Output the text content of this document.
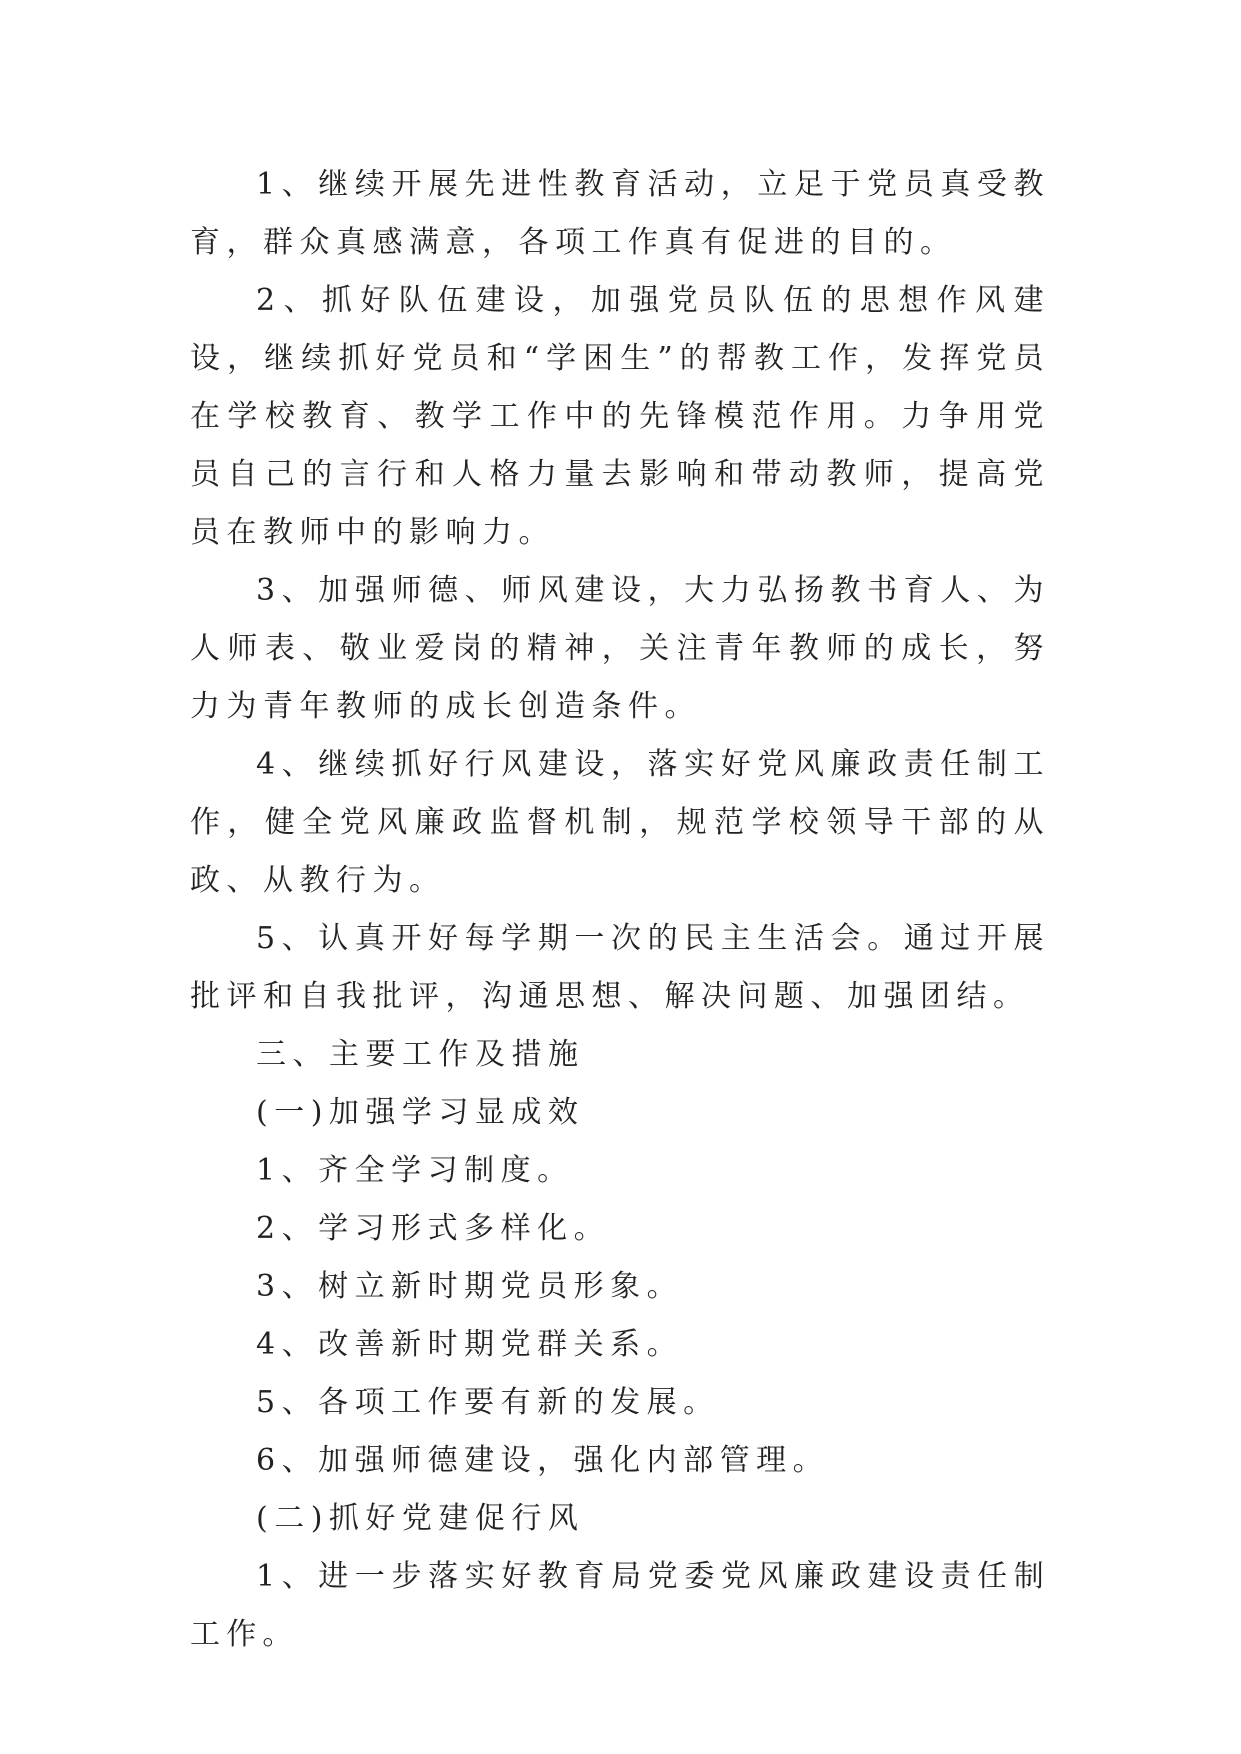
1、继续开展先进性教育活动，立足于党员真受教育，群众真感满意，各项工作真有促进的目的。

2、抓好队伍建设，加强党员队伍的思想作风建设，继续抓好党员和“学困生”的帮教工作，发挥党员在学校教育、教学工作中的先锋模范作用。力争用党员自己的言行和人格力量去影响和带动教师，提高党员在教师中的影响力。

3、加强师德、师风建设，大力弘扬教书育人、为人师表、敬业爱岗的精神，关注青年教师的成长，努力为青年教师的成长创造条件。

4、继续抓好行风建设，落实好党风廉政责任制工作，健全党风廉政监督机制，规范学校领导干部的从政、从教行为。

5、认真开好每学期一次的民主生活会。通过开展批评和自我批评，沟通思想、解决问题、加强团结。

三、主要工作及措施

(一)加强学习显成效

1、齐全学习制度。

2、学习形式多样化。

3、树立新时期党员形象。

4、改善新时期党群关系。

5、各项工作要有新的发展。

6、加强师德建设，强化内部管理。

(二)抓好党建促行风

1、进一步落实好教育局党委党风廉政建设责任制工作。
